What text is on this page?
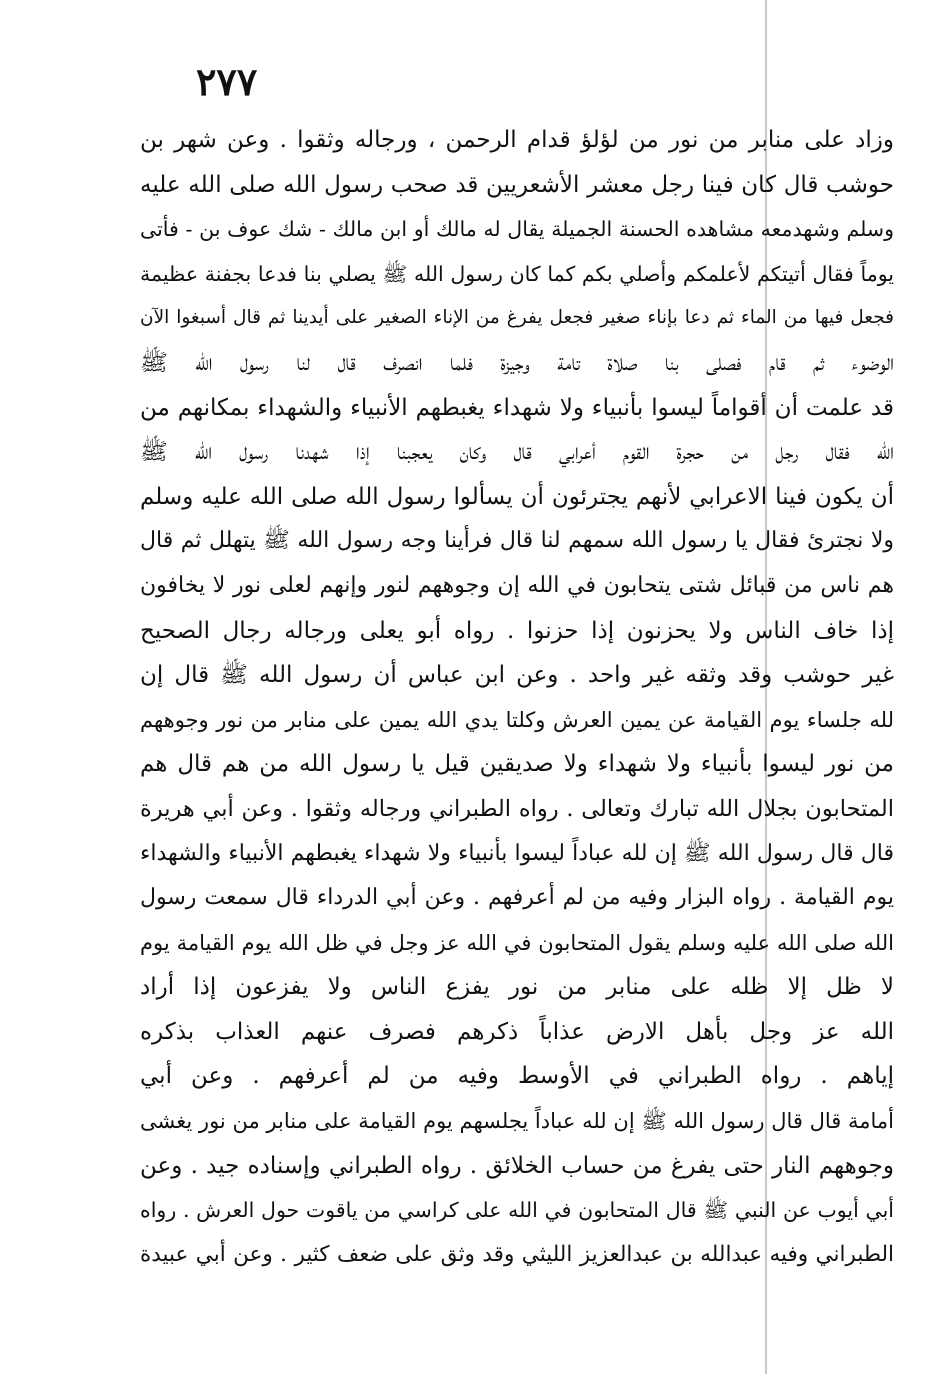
٢٧٧
وزاد على منابر من نور من لؤلؤ قدام الرحمن ، ورجاله وثقوا . وعن شهر بن
حوشب قال كان فينا رجل معشر الأشعريين قد صحب رسول الله صلى الله عليه
وسلم وشهدمعه مشاهده الحسنة الجميلة يقال له مالك أو ابن مالك - شك عوف بن - فأتى
يوماً فقال أتيتكم لأعلمكم وأصلي بكم كما كان رسول الله ﷺ يصلي بنا فدعا بجفنة عظيمة
فجعل فيها من الماء ثم دعا بإناء صغير فجعل يفرغ من الإناء الصغير على أيدينا ثم قال أسبغوا الآن
الوضوء ثم قام فصلى بنا صلاة تامة وجيزة فلما انصرف قال لنا رسول الله ﷺ
قد علمت أن أقواماً ليسوا بأنبياء ولا شهداء يغبطهم الأنبياء والشهداء بمكانهم من
الله فقال رجل من حجرة القوم أعرابي قال وكان يعجبنا إذا شهدنا رسول الله ﷺ
أن يكون فينا الاعرابي لأنهم يجترئون أن يسألوا رسول الله صلى الله عليه وسلم
ولا نجترئ فقال يا رسول الله سمهم لنا قال فرأينا وجه رسول الله ﷺ يتهلل ثم قال
هم ناس من قبائل شتى يتحابون في الله إن وجوههم لنور وإنهم لعلى نور لا يخافون
إذا خاف الناس ولا يحزنون إذا حزنوا . رواه أبو يعلى ورجاله رجال الصحيح
غير حوشب وقد وثقه غير واحد . وعن ابن عباس أن رسول الله ﷺ قال إن
لله جلساء يوم القيامة عن يمين العرش وكلتا يدي الله يمين على منابر من نور وجوههم
من نور ليسوا بأنبياء ولا شهداء ولا صديقين قيل يا رسول الله من هم قال هم
المتحابون بجلال الله تبارك وتعالى . رواه الطبراني ورجاله وثقوا . وعن أبي هريرة
قال قال رسول الله ﷺ إن لله عباداً ليسوا بأنبياء ولا شهداء يغبطهم الأنبياء والشهداء
يوم القيامة . رواه البزار وفيه من لم أعرفهم . وعن أبي الدرداء قال سمعت رسول
الله صلى الله عليه وسلم يقول المتحابون في الله عز وجل في ظل الله يوم القيامة يوم
لا ظل إلا ظله على منابر من نور يفزع الناس ولا يفزعون إذا أراد
الله عز وجل بأهل الارض عذاباً ذكرهم فصرف عنهم العذاب بذكره
إياهم . رواه الطبراني في الأوسط وفيه من لم أعرفهم . وعن أبي
أمامة قال قال رسول الله ﷺ إن لله عباداً يجلسهم يوم القيامة على منابر من نور يغشى
وجوههم النار حتى يفرغ من حساب الخلائق . رواه الطبراني وإسناده جيد . وعن
أبي أيوب عن النبي ﷺ قال المتحابون في الله على كراسي من ياقوت حول العرش . رواه
الطبراني وفيه عبدالله بن عبدالعزيز الليثي وقد وثق على ضعف كثير . وعن أبي عبيدة
